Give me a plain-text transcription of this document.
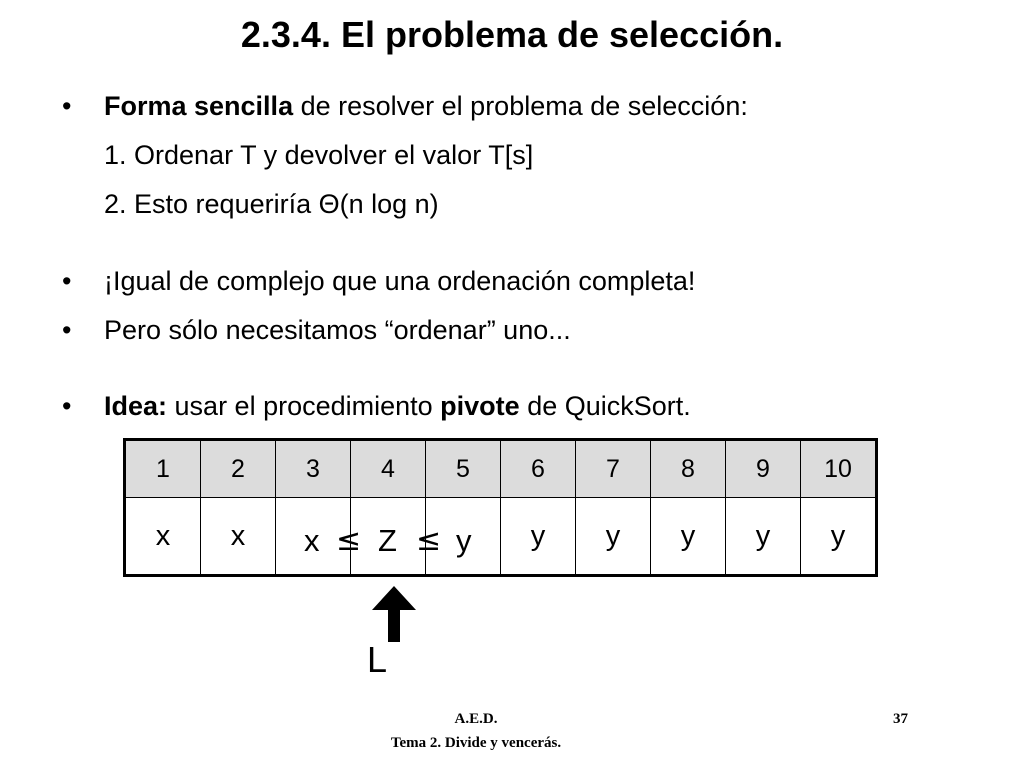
2.3.4. El problema de selección.
• Forma sencilla de resolver el problema de selección:
1. Ordenar T y devolver el valor T[s]
2. Esto requeriría Θ(n log n)
• ¡Igual de complejo que una ordenación completa!
• Pero sólo necesitamos “ordenar” uno...
• Idea: usar el procedimiento pivote de QuickSort.
1	2	3	4	5	6	7	8	9	10
x	x				y	y	y	y	y
x ≤ Z ≤ y
L
A.E.D.
Tema 2. Divide y vencerás.
37
